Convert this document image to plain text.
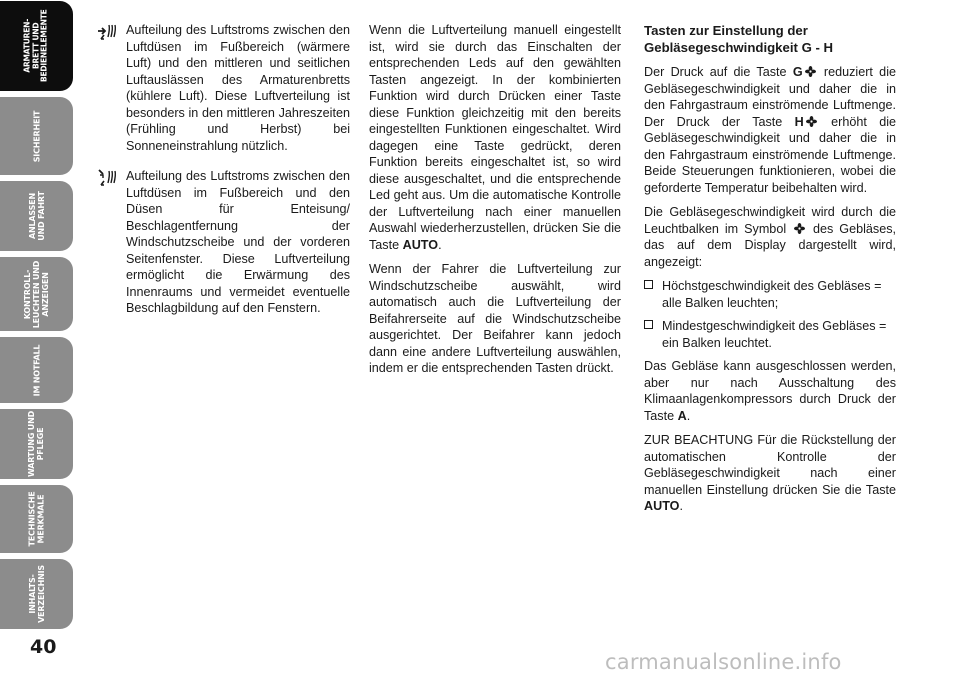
ARMATUREN-
BRETT UND
BEDIENELEMENTE
SICHERHEIT
ANLASSEN
UND FAHRT
KONTROLL-
LEUCHTEN UND
ANZEIGEN
IM NOTFALL
WARTUNG UND
PFLEGE
TECHNISCHE
MERKMALE
INHALTS-
VERZEICHNIS
40
Aufteilung des Luftstroms zwischen den Luftdüsen im Fußbereich (wärmere Luft) und den mittleren und seitlichen Luftauslässen des Armaturenbretts (kühlere Luft). Diese Luftverteilung ist besonders in den mittleren Jahreszeiten (Frühling und Herbst) bei Sonneneinstrahlung nützlich.
Aufteilung des Luftstroms zwischen den Luftdüsen im Fußbereich und den Düsen für Enteisung/ Beschlagentfernung der Windschutzscheibe und der vorderen Seitenfenster. Diese Luftverteilung ermöglicht die Erwärmung des Innenraums und vermeidet eventuelle Beschlagbildung auf den Fenstern.

Wenn die Luftverteilung manuell eingestellt ist, wird sie durch das Einschalten der entsprechenden Leds auf den gewählten Tasten angezeigt. In der kombinierten Funktion wird durch Drücken einer Taste diese Funktion gleichzeitig mit den bereits eingestellten Funktionen eingeschaltet. Wird dagegen eine Taste gedrückt, deren Funktion bereits eingeschaltet ist, so wird diese ausgeschaltet, und die entsprechende Led geht aus. Um die automatische Kontrolle der Luftverteilung nach einer manuellen Auswahl wiederherzustellen, drücken Sie die Taste AUTO.

Wenn der Fahrer die Luftverteilung zur Windschutzscheibe auswählt, wird automatisch auch die Luftverteilung der Beifahrerseite auf die Windschutzscheibe ausgerichtet. Der Beifahrer kann jedoch dann eine andere Luftverteilung auswählen, indem er die entsprechenden Tasten drückt.

Tasten zur Einstellung der Gebläsegeschwindigkeit G - H

Der Druck auf die Taste G reduziert die Gebläsegeschwindigkeit und daher die in den Fahrgastraum einströmende Luftmenge. Der Druck der Taste H erhöht die Gebläsegeschwindigkeit und daher die in den Fahrgastraum einströmende Luftmenge. Beide Steuerungen funktionieren, wobei die geforderte Temperatur beibehalten wird.

Die Gebläsegeschwindigkeit wird durch die Leuchtbalken im Symbol  des Gebläses, das auf dem Display dargestellt wird, angezeigt:

Höchstgeschwindigkeit des Gebläses = alle Balken leuchten;
Mindestgeschwindigkeit des Gebläses = ein Balken leuchtet.

Das Gebläse kann ausgeschlossen werden, aber nur nach Ausschaltung des Klimaanlagenkompressors durch Druck der Taste A.

ZUR BEACHTUNG Für die Rückstellung der automatischen Kontrolle der Gebläsegeschwindigkeit nach einer manuellen Einstellung drücken Sie die Taste AUTO.

carmanualsonline.info
